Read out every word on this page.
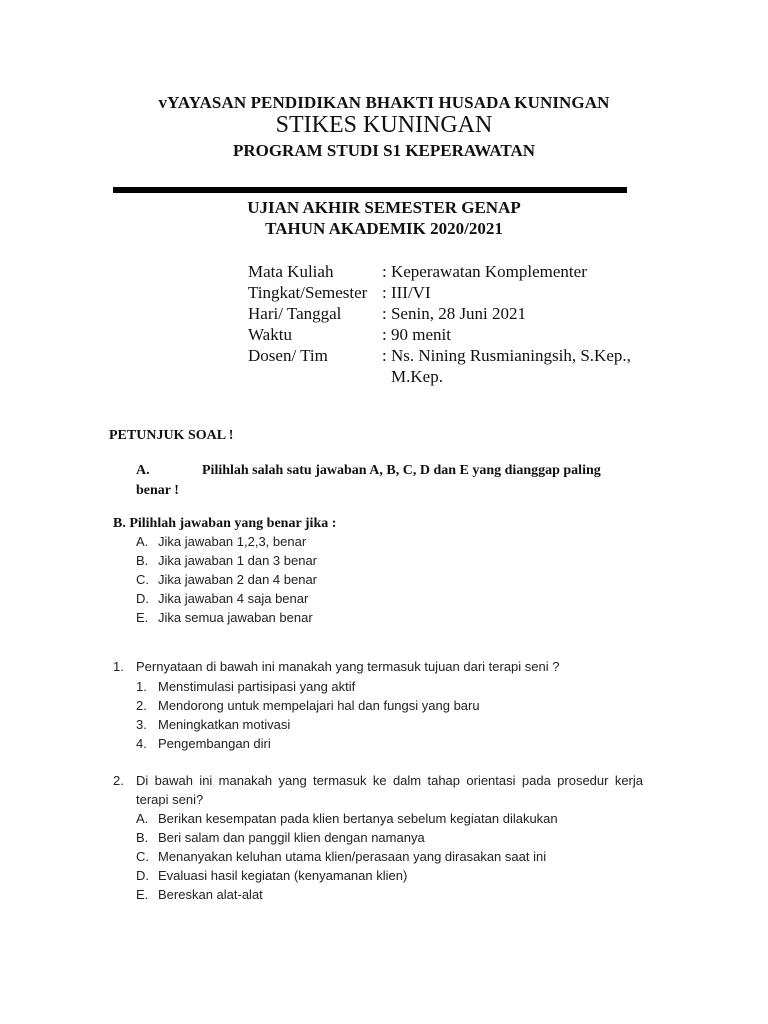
vYAYASAN PENDIDIKAN BHAKTI HUSADA KUNINGAN
STIKES KUNINGAN
PROGRAM STUDI S1 KEPERAWATAN
UJIAN AKHIR SEMESTER GENAP
TAHUN AKADEMIK 2020/2021
Mata Kuliah	: Keperawatan Komplementer
Tingkat/Semester : III/VI
Hari/ Tanggal	: Senin, 28 Juni 2021
Waktu	: 90 menit
Dosen/ Tim	: Ns. Nining Rusmianingsih, S.Kep.,
M.Kep.
PETUNJUK SOAL !
A.	Pilihlah salah satu jawaban A, B, C, D dan E yang dianggap paling
benar !
B. Pilihlah jawaban yang benar jika :
A. Jika jawaban 1,2,3, benar
B. Jika jawaban 1 dan 3 benar
C. Jika jawaban 2 dan 4 benar
D. Jika jawaban 4 saja benar
E. Jika semua jawaban benar
1. Pernyataan di bawah ini manakah yang termasuk tujuan dari terapi seni ?
1. Menstimulasi partisipasi yang aktif
2. Mendorong untuk mempelajari hal dan fungsi yang baru
3. Meningkatkan motivasi
4. Pengembangan diri
2. Di bawah ini manakah yang termasuk ke dalm tahap orientasi pada prosedur kerja
terapi seni?
A. Berikan kesempatan pada klien bertanya sebelum kegiatan dilakukan
B. Beri salam dan panggil klien dengan namanya
C. Menanyakan keluhan utama klien/perasaan yang dirasakan saat ini
D. Evaluasi hasil kegiatan (kenyamanan klien)
E. Bereskan alat-alat
